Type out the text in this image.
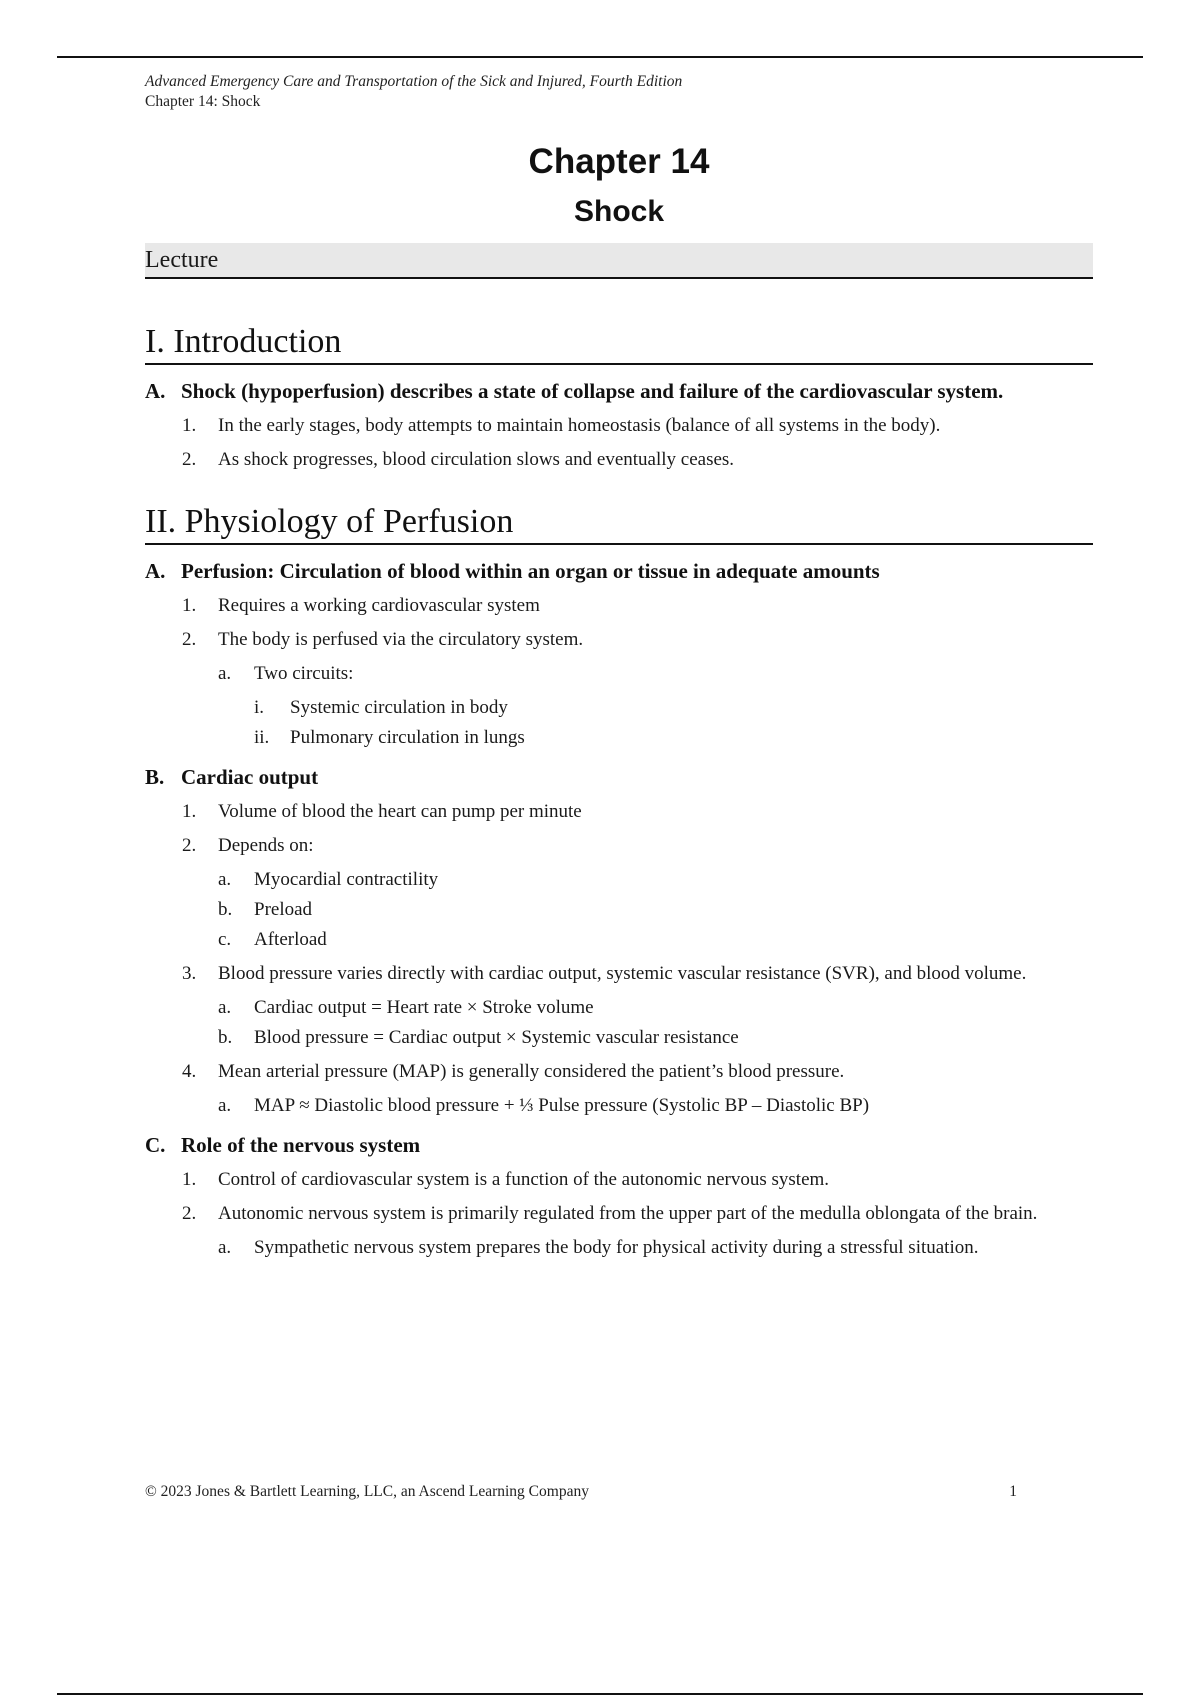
Advanced Emergency Care and Transportation of the Sick and Injured, Fourth Edition
Chapter 14: Shock
Chapter 14
Shock
Lecture
I. Introduction
A. Shock (hypoperfusion) describes a state of collapse and failure of the cardiovascular system.
1. In the early stages, body attempts to maintain homeostasis (balance of all systems in the body).
2. As shock progresses, blood circulation slows and eventually ceases.
II. Physiology of Perfusion
A. Perfusion: Circulation of blood within an organ or tissue in adequate amounts
1. Requires a working cardiovascular system
2. The body is perfused via the circulatory system.
a. Two circuits:
i. Systemic circulation in body
ii. Pulmonary circulation in lungs
B. Cardiac output
1. Volume of blood the heart can pump per minute
2. Depends on:
a. Myocardial contractility
b. Preload
c. Afterload
3. Blood pressure varies directly with cardiac output, systemic vascular resistance (SVR), and blood volume.
a. Cardiac output = Heart rate × Stroke volume
b. Blood pressure = Cardiac output × Systemic vascular resistance
4. Mean arterial pressure (MAP) is generally considered the patient’s blood pressure.
a. MAP ≈ Diastolic blood pressure + ⅓ Pulse pressure (Systolic BP – Diastolic BP)
C. Role of the nervous system
1. Control of cardiovascular system is a function of the autonomic nervous system.
2. Autonomic nervous system is primarily regulated from the upper part of the medulla oblongata of the brain.
a. Sympathetic nervous system prepares the body for physical activity during a stressful situation.
© 2023 Jones & Bartlett Learning, LLC, an Ascend Learning Company	1
